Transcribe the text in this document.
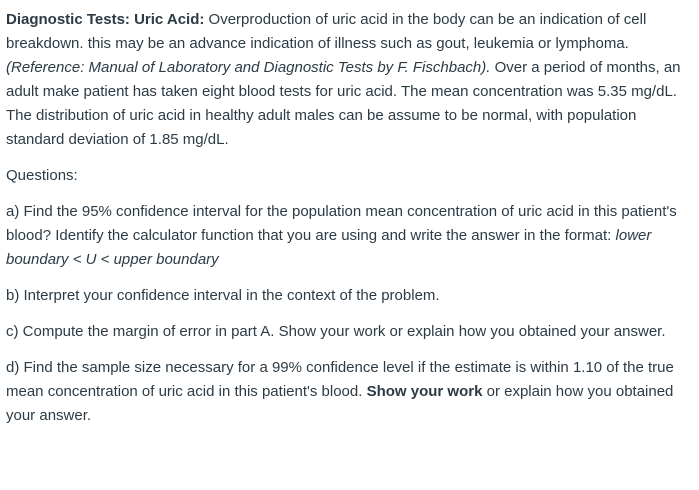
Diagnostic Tests: Uric Acid: Overproduction of uric acid in the body can be an indication of cell breakdown. this may be an advance indication of illness such as gout, leukemia or lymphoma. (Reference: Manual of Laboratory and Diagnostic Tests by F. Fischbach). Over a period of months, an adult make patient has taken eight blood tests for uric acid. The mean concentration was 5.35 mg/dL. The distribution of uric acid in healthy adult males can be assume to be normal, with population standard deviation of 1.85 mg/dL.

Questions:

a) Find the 95% confidence interval for the population mean concentration of uric acid in this patient's blood? Identify the calculator function that you are using and write the answer in the format: lower boundary < U < upper boundary

b) Interpret your confidence interval in the context of the problem.

c) Compute the margin of error in part A. Show your work or explain how you obtained your answer.

d) Find the sample size necessary for a 99% confidence level if the estimate is within 1.10 of the true mean concentration of uric acid in this patient's blood. Show your work or explain how you obtained your answer.
